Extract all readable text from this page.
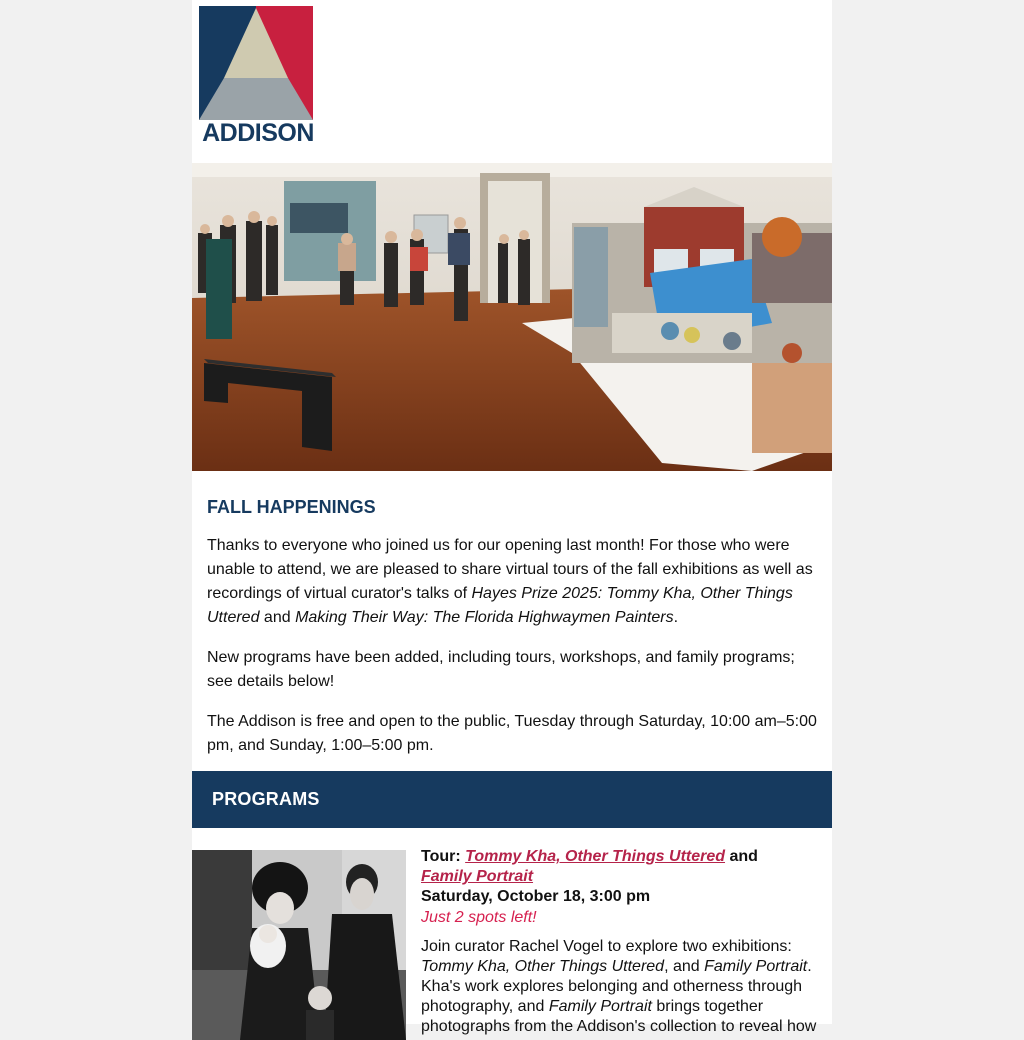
ADDISON
FALL HAPPENINGS

Thanks to everyone who joined us for our opening last month! For those who were unable to attend, we are pleased to share virtual tours of the fall exhibitions as well as recordings of virtual curator's talks of Hayes Prize 2025: Tommy Kha, Other Things Uttered and Making Their Way: The Florida Highwaymen Painters.

New programs have been added, including tours, workshops, and family programs; see details below!

The Addison is free and open to the public, Tuesday through Saturday, 10:00 am–5:00 pm, and Sunday, 1:00–5:00 pm.

PROGRAMS

Tour: Tommy Kha, Other Things Uttered and
Family Portrait

Saturday, October 18, 3:00 pm

Just 2 spots left!

Join curator Rachel Vogel to explore two exhibitions: Tommy Kha, Other Things Uttered, and Family Portrait. Kha's work explores belonging and otherness through photography, and Family Portrait brings together photographs from the Addison's collection to reveal how
